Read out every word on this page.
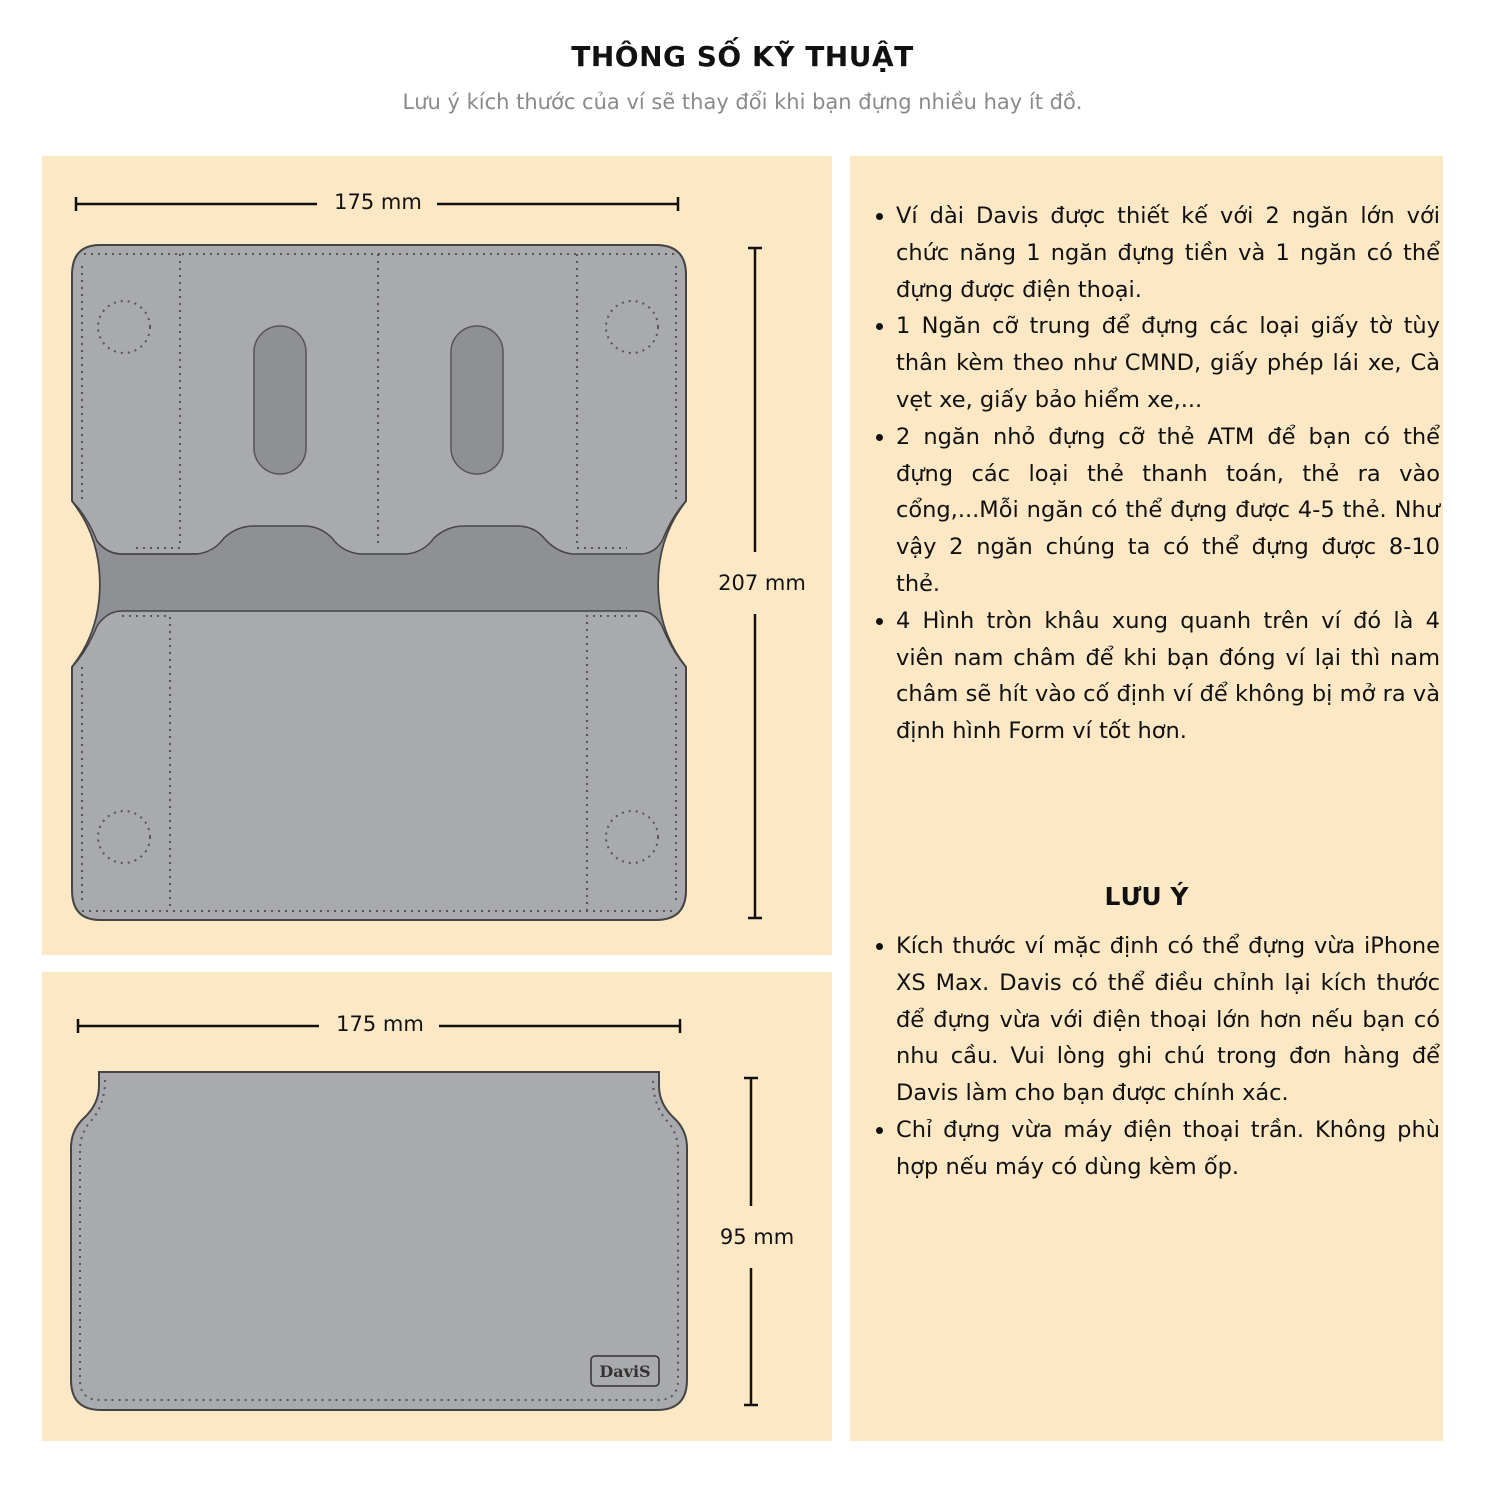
THÔNG SỐ KỸ THUẬT
Lưu ý kích thước của ví sẽ thay đổi khi bạn đựng nhiều hay ít đồ.
175 mm
207 mm
175 mm
95 mm
DaviS
• Ví dài Davis được thiết kế với 2 ngăn lớn với chức năng 1 ngăn đựng tiền và 1 ngăn có thể đựng được điện thoại.
• 1 Ngăn cỡ trung để đựng các loại giấy tờ tùy thân kèm theo như CMND, giấy phép lái xe, Cà vẹt xe, giấy bảo hiểm xe,...
• 2 ngăn nhỏ đựng cỡ thẻ ATM để bạn có thể đựng các loại thẻ thanh toán, thẻ ra vào cổng,...Mỗi ngăn có thể đựng được 4-5 thẻ. Như vậy 2 ngăn chúng ta có thể đựng được 8-10 thẻ.
• 4 Hình tròn khâu xung quanh trên ví đó là 4 viên nam châm để khi bạn đóng ví lại thì nam châm sẽ hít vào cố định ví để không bị mở ra và định hình Form ví tốt hơn.
LƯU Ý
• Kích thước ví mặc định có thể đựng vừa iPhone XS Max. Davis có thể điều chỉnh lại kích thước để đựng vừa với điện thoại lớn hơn nếu bạn có nhu cầu. Vui lòng ghi chú trong đơn hàng để Davis làm cho bạn được chính xác.
• Chỉ đựng vừa máy điện thoại trần. Không phù hợp nếu máy có dùng kèm ốp.
